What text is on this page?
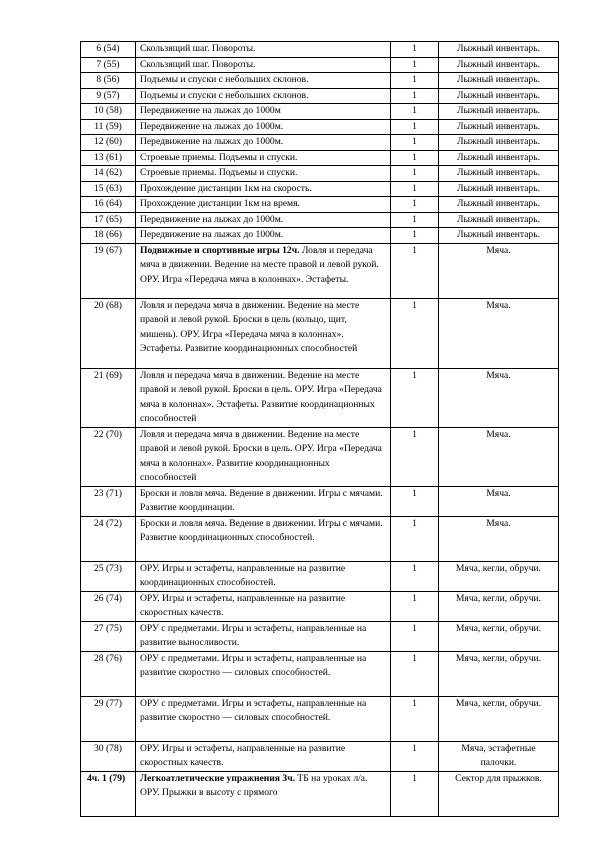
6 (54)	Скользящий шаг. Повороты.	1	Лыжный инвентарь.
7 (55)	Скользящий шаг. Повороты.	1	Лыжный инвентарь.
8 (56)	Подъемы и спуски с небольших склонов.	1	Лыжный инвентарь.
9 (57)	Подъемы и спуски с небольших склонов.	1	Лыжный инвентарь.
10 (58)	Передвижение на лыжах до 1000м	1	Лыжный инвентарь.
11 (59)	Передвижение на лыжах до 1000м.	1	Лыжный инвентарь.
12 (60)	Передвижение на лыжах до 1000м.	1	Лыжный инвентарь.
13 (61)	Строевые приемы. Подъемы и спуски.	1	Лыжный инвентарь.
14 (62)	Строевые приемы. Подъемы и спуски.	1	Лыжный инвентарь.
15 (63)	Прохождение дистанции 1км на скорость.	1	Лыжный инвентарь.
16 (64)	Прохождение дистанции 1км на время.	1	Лыжный инвентарь.
17 (65)	Передвижение на лыжах до 1000м.	1	Лыжный инвентарь.
18 (66)	Передвижение на лыжах до 1000м.	1	Лыжный инвентарь.
19 (67)	Подвижные и спортивные игры 12ч. Ловля и передача мяча в движении. Ведение на месте правой и левой рукой. ОРУ. Игра «Передача мяча в колоннах». Эстафеты.	1	Мяча.
20 (68)	Ловля и передача мяча в движении. Ведение на месте правой и левой рукой. Броски в цель (кольцо, щит, мишень). ОРУ. Игра «Передача мяча в колоннах». Эстафеты. Развитие координационных способностей	1	Мяча.
21 (69)	Ловля и передача мяча в движении. Ведение на месте правой и левой рукой. Броски в цель. ОРУ. Игра «Передача мяча в колоннах». Эстафеты. Развитие координационных способностей	1	Мяча.
22 (70)	Ловля и передача мяча в движении. Ведение на месте правой и левой рукой. Броски в цель. ОРУ. Игра «Передача мяча в колоннах». Развитие координационных способностей	1	Мяча.
23 (71)	Броски и ловля мяча. Ведение в движении. Игры с мячами. Развитие координации.	1	Мяча.
24 (72)	Броски и ловля мяча. Ведение в движении. Игры с мячами. Развитие координационных способностей.	1	Мяча.
25 (73)	ОРУ. Игры и эстафеты, направленные на развитие координационных способностей.	1	Мяча, кегли, обручи.
26 (74)	ОРУ. Игры и эстафеты, направленные на развитие скоростных качеств.	1	Мяча, кегли, обручи.
27 (75)	ОРУ с предметами. Игры и эстафеты, направленные на развитие выносливости.	1	Мяча, кегли, обручи.
28 (76)	ОРУ с предметами. Игры и эстафеты, направленные на развитие скоростно — силовых способностей.	1	Мяча, кегли, обручи.
29 (77)	ОРУ с предметами. Игры и эстафеты, направленные на развитие скоростно — силовых способностей.	1	Мяча, кегли, обручи.
30 (78)	ОРУ. Игры и эстафеты, направленные на развитие скоростных качеств.	1	Мяча, эстафетные палочки.
4ч. 1 (79)	Легкоатлетические упражнения 3ч. ТБ на уроках л/а. ОРУ. Прыжки в высоту с прямого	1	Сектор для прыжков.
